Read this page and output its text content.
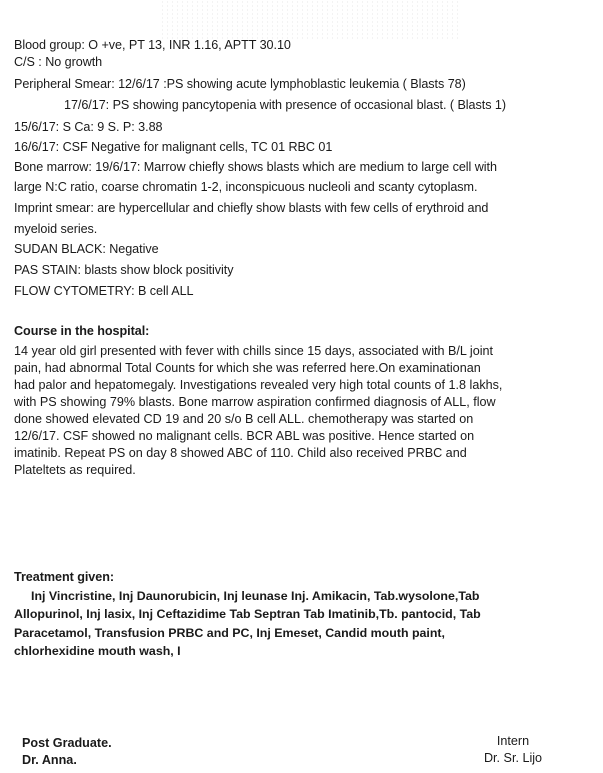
Blood group: O +ve, PT 13, INR 1.16, APTT 30.10
C/S : No growth
Peripheral Smear: 12/6/17 :PS showing acute lymphoblastic leukemia ( Blasts 78)
17/6/17: PS showing pancytopenia with presence of occasional blast. ( Blasts 1)
15/6/17: S Ca: 9 S. P: 3.88
16/6/17: CSF Negative for malignant cells, TC 01 RBC 01
Bone marrow: 19/6/17: Marrow chiefly shows blasts which are medium to large cell with
large N:C ratio, coarse chromatin 1-2, inconspicuous nucleoli and scanty cytoplasm.
Imprint smear: are hypercellular and chiefly show blasts with few cells of erythroid and
myeloid series.
SUDAN BLACK: Negative
PAS STAIN: blasts show block positivity
FLOW CYTOMETRY: B cell ALL
Course in the hospital:
14 year old girl presented with fever with chills since 15 days, associated with B/L joint
pain, had abnormal Total Counts for which she was referred here.On examinationan
had palor and hepatomegaly. Investigations revealed very high total counts of 1.8 lakhs,
with PS showing 79% blasts. Bone marrow aspiration confirmed diagnosis of ALL, flow
done showed elevated CD 19 and 20 s/o B cell ALL. chemotherapy was started on
12/6/17. CSF showed no malignant cells. BCR ABL was positive. Hence started on
imatinib. Repeat PS on day 8 showed ABC of 110. Child also received PRBC and
Plateltets as required.
Treatment given:
Inj Vincristine, Inj Daunorubicin, Inj leunase Inj. Amikacin, Tab.wysolone,Tab
Allopurinol, Inj lasix, Inj Ceftazidime Tab Septran Tab Imatinib,Tb. pantocid, Tab
Paracetamol, Transfusion PRBC and PC, Inj Emeset, Candid mouth paint,
chlorhexidine mouth wash, I
Post Graduate.
Dr. Anna.
Intern
Dr. Sr. Lijo
